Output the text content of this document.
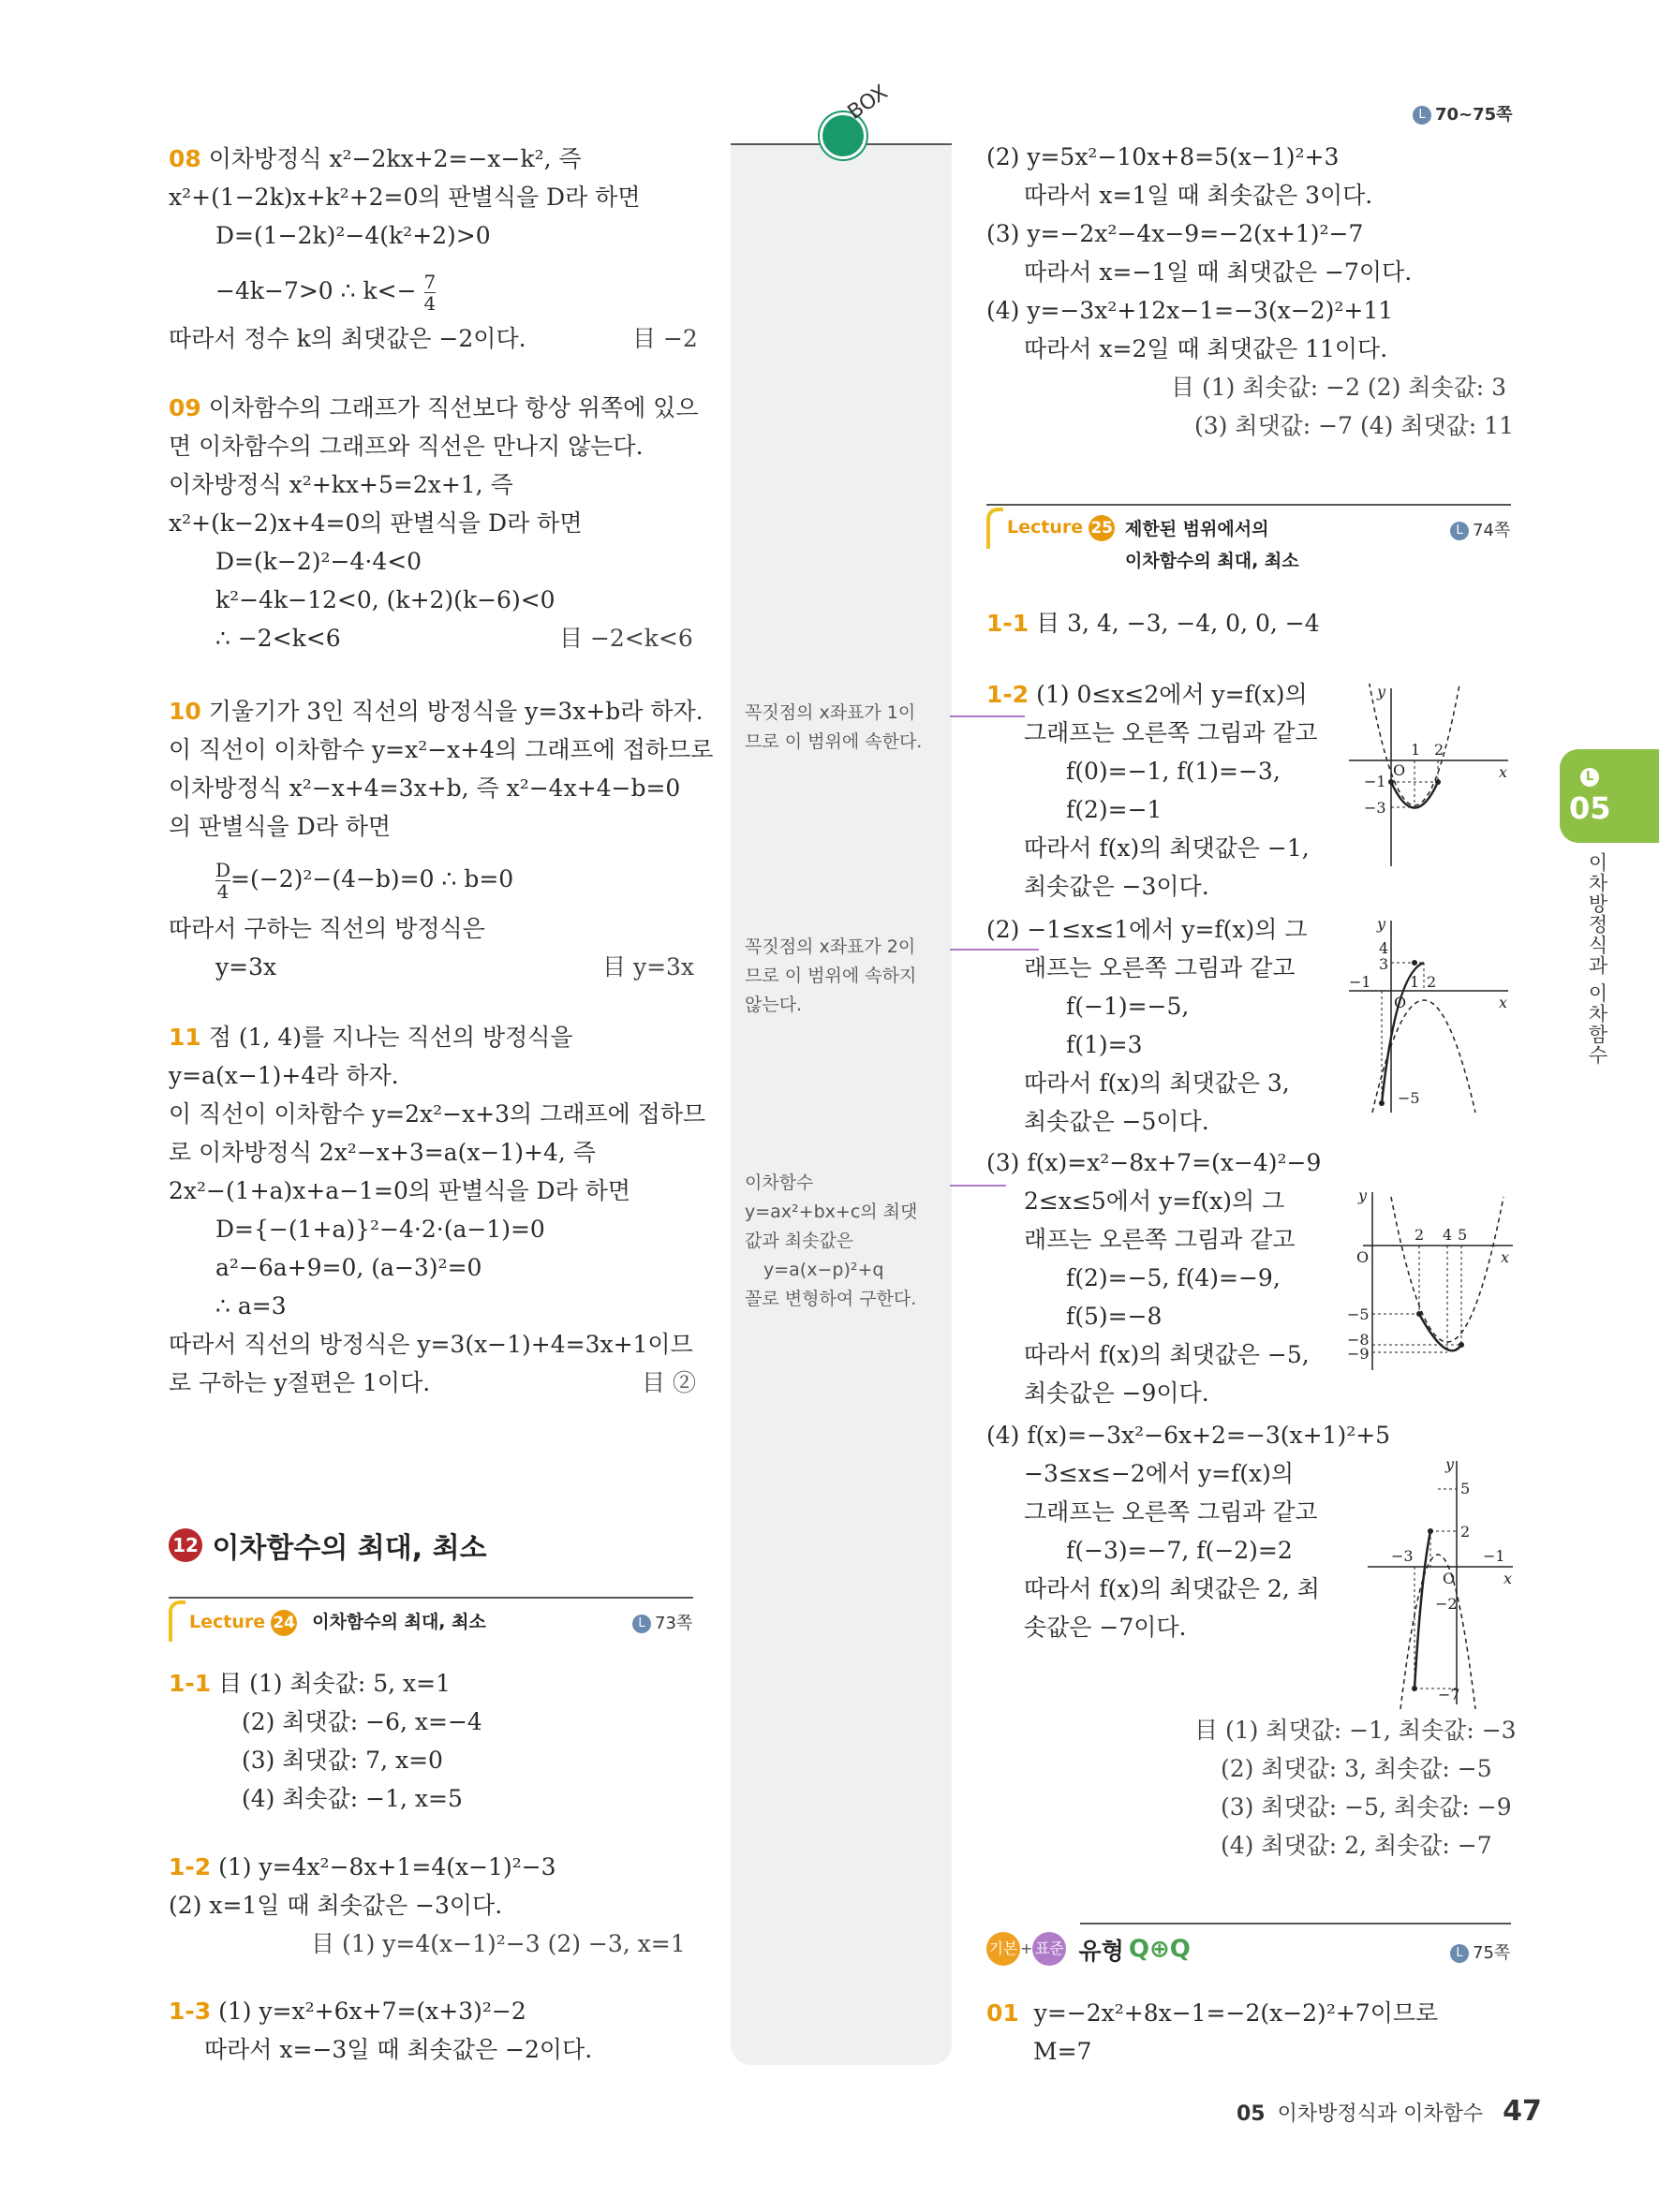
L 70~75쪽
BOX
꼭짓점의 x좌표가 1이
므로 이 범위에 속한다.
꼭짓점의 x좌표가 2이
므로 이 범위에 속하지
않는다.
이차함수
y=ax²+bx+c의 최댓
값과 최솟값은
y=a(x−p)²+q
꼴로 변형하여 구한다.
08 이차방정식 x²−2kx+2=−x−k², 즉
x²+(1−2k)x+k²+2=0의 판별식을 D라 하면
D=(1−2k)²−4(k²+2)>0
−4k−7>0 ∴ $k<- \frac{7}{4}$
따라서 정수 k의 최댓값은 −2이다.	目 −2
09 이차함수의 그래프가 직선보다 항상 위쪽에 있으
면 이차함수의 그래프와 직선은 만나지 않는다.
이차방정식 x²+kx+5=2x+1, 즉
x²+(k−2)x+4=0의 판별식을 D라 하면
D=(k−2)²−4·4<0
k²−4k−12<0, (k+2)(k−6)<0
∴ −2<k<6	目 −2<k<6
10 기울기가 3인 직선의 방정식을 y=3x+b라 하자.
이 직선이 이차함수 y=x²−x+4의 그래프에 접하므로
이차방정식 x²−x+4=3x+b, 즉 x²−4x+4−b=0
의 판별식을 D라 하면
$\frac{D}{4} =(-2)^2-(4-b)=0$ ∴ b=0
따라서 구하는 직선의 방정식은
y=3x	目 y=3x
11 점 (1, 4)를 지나는 직선의 방정식을
y=a(x−1)+4라 하자.
이 직선이 이차함수 y=2x²−x+3의 그래프에 접하므
로 이차방정식 2x²−x+3=a(x−1)+4, 즉
2x²−(1+a)x+a−1=0의 판별식을 D라 하면
D={−(1+a)}²−4·2·(a−1)=0
a²−6a+9=0, (a−3)²=0
∴ a=3
따라서 직선의 방정식은 y=3(x−1)+4=3x+1이므
로 구하는 y절편은 1이다.	目 ②
12 이차함수의 최대, 최소
Lecture 24 이차함수의 최대, 최소	L 73쪽
1-1 目 (1) 최솟값: 5, x=1
(2) 최댓값: −6, x=−4
(3) 최댓값: 7, x=0
(4) 최솟값: −1, x=5
1-2 (1) y=4x²−8x+1=4(x−1)²−3
(2) x=1일 때 최솟값은 −3이다.
目 (1) y=4(x−1)²−3 (2) −3, x=1
1-3 (1) y=x²+6x+7=(x+3)²−2
따라서 x=−3일 때 최솟값은 −2이다.
(2) y=5x²−10x+8=5(x−1)²+3
따라서 x=1일 때 최솟값은 3이다.
(3) y=−2x²−4x−9=−2(x+1)²−7
따라서 x=−1일 때 최댓값은 −7이다.
(4) y=−3x²+12x−1=−3(x−2)²+11
따라서 x=2일 때 최댓값은 11이다.
目 (1) 최솟값: −2 (2) 최솟값: 3
(3) 최댓값: −7 (4) 최댓값: 11
Lecture 25 제한된 범위에서의
이차함수의 최대, 최소
L 74쪽
1-1 目 3, 4, −3, −4, 0, 0, −4
1-2 (1) 0≤x≤2에서 y=f(x)의
그래프는 오른쪽 그림과 같고
f(0)=−1, f(1)=−3,
f(2)=−1
따라서 f(x)의 최댓값은 −1,
최솟값은 −3이다.
(2) −1≤x≤1에서 y=f(x)의 그
래프는 오른쪽 그림과 같고
f(−1)=−5,
f(1)=3
따라서 f(x)의 최댓값은 3,
최솟값은 −5이다.
(3) f(x)=x²−8x+7=(x−4)²−9
2≤x≤5에서 y=f(x)의 그
래프는 오른쪽 그림과 같고
f(2)=−5, f(4)=−9,
f(5)=−8
따라서 f(x)의 최댓값은 −5,
최솟값은 −9이다.
(4) f(x)=−3x²−6x+2=−3(x+1)²+5
−3≤x≤−2에서 y=f(x)의
그래프는 오른쪽 그림과 같고
f(−3)=−7, f(−2)=2
따라서 f(x)의 최댓값은 2, 최
솟값은 −7이다.
目 (1) 최댓값: −1, 최솟값: −3
(2) 최댓값: 3, 최솟값: −5
(3) 최댓값: −5, 최솟값: −9
(4) 최댓값: 2, 최솟값: −7
y
x
O
1 2
−1
−3
y
x
O
4
3
−1	1 2
−5
y
x
O
2 4 5
−5
−8
−9
y
x
O
5
2
−3	−1
−2
−7
기본 + 표준 유형 Q⊕Q	L 75쪽
01 y=−2x²+8x−1=−2(x−2)²+7이므로
M=7
L
05
이차방정식과 이차함수
05 이차방정식과 이차함수 47
